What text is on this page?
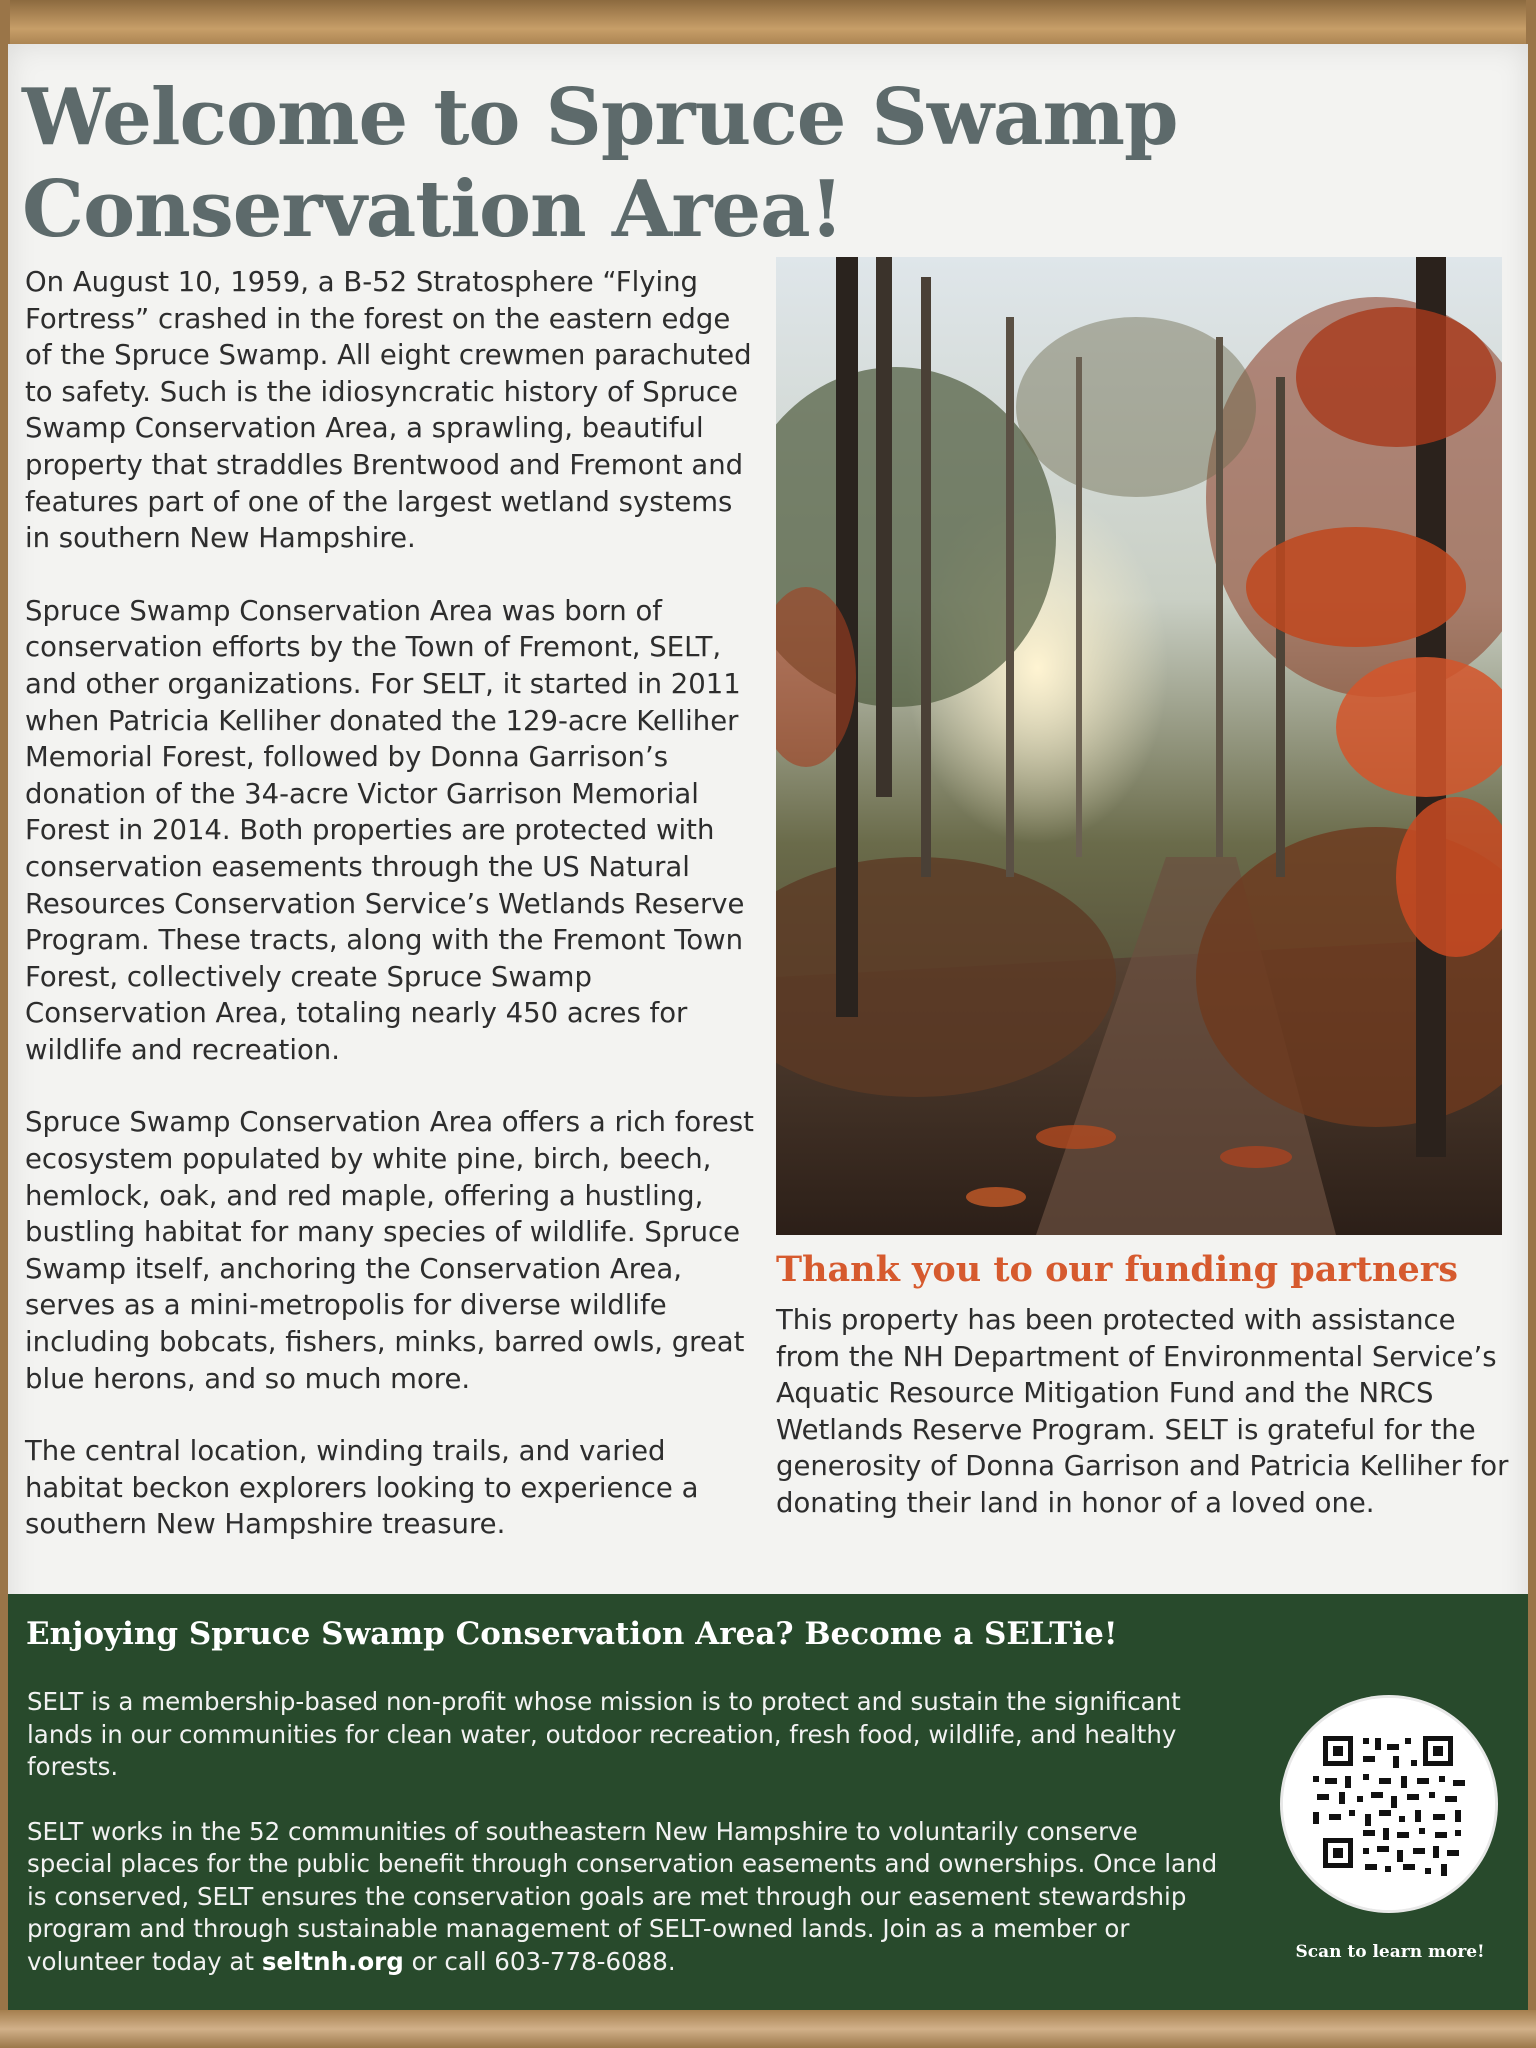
Welcome to Spruce Swamp
Conservation Area!

On August 10, 1959, a B-52 Stratosphere “Flying Fortress” crashed in the forest on the eastern edge of the Spruce Swamp. All eight crewmen parachuted to safety. Such is the idiosyncratic history of Spruce Swamp Conservation Area, a sprawling, beautiful property that straddles Brentwood and Fremont and features part of one of the largest wetland systems in southern New Hampshire.

Spruce Swamp Conservation Area was born of conservation efforts by the Town of Fremont, SELT, and other organizations. For SELT, it started in 2011 when Patricia Kelliher donated the 129-acre Kelliher Memorial Forest, followed by Donna Garrison’s donation of the 34-acre Victor Garrison Memorial Forest in 2014. Both properties are protected with conservation easements through the US Natural Resources Conservation Service’s Wetlands Reserve Program. These tracts, along with the Fremont Town Forest, collectively create Spruce Swamp Conservation Area, totaling nearly 450 acres for wildlife and recreation.

Spruce Swamp Conservation Area offers a rich forest ecosystem populated by white pine, birch, beech, hemlock, oak, and red maple, offering a hustling, bustling habitat for many species of wildlife. Spruce Swamp itself, anchoring the Conservation Area, serves as a mini-metropolis for diverse wildlife including bobcats, fishers, minks, barred owls, great blue herons, and so much more.

The central location, winding trails, and varied habitat beckon explorers looking to experience a southern New Hampshire treasure.

Thank you to our funding partners

This property has been protected with assistance from the NH Department of Environmental Service’s Aquatic Resource Mitigation Fund and the NRCS Wetlands Reserve Program. SELT is grateful for the generosity of Donna Garrison and Patricia Kelliher for donating their land in honor of a loved one.

Enjoying Spruce Swamp Conservation Area? Become a SELTie!

SELT is a membership-based non-profit whose mission is to protect and sustain the significant lands in our communities for clean water, outdoor recreation, fresh food, wildlife, and healthy forests.

SELT works in the 52 communities of southeastern New Hampshire to voluntarily conserve special places for the public benefit through conservation easements and ownerships. Once land is conserved, SELT ensures the conservation goals are met through our easement stewardship program and through sustainable management of SELT-owned lands. Join as a member or volunteer today at seltnh.org or call 603-778-6088.	Scan to learn more!
